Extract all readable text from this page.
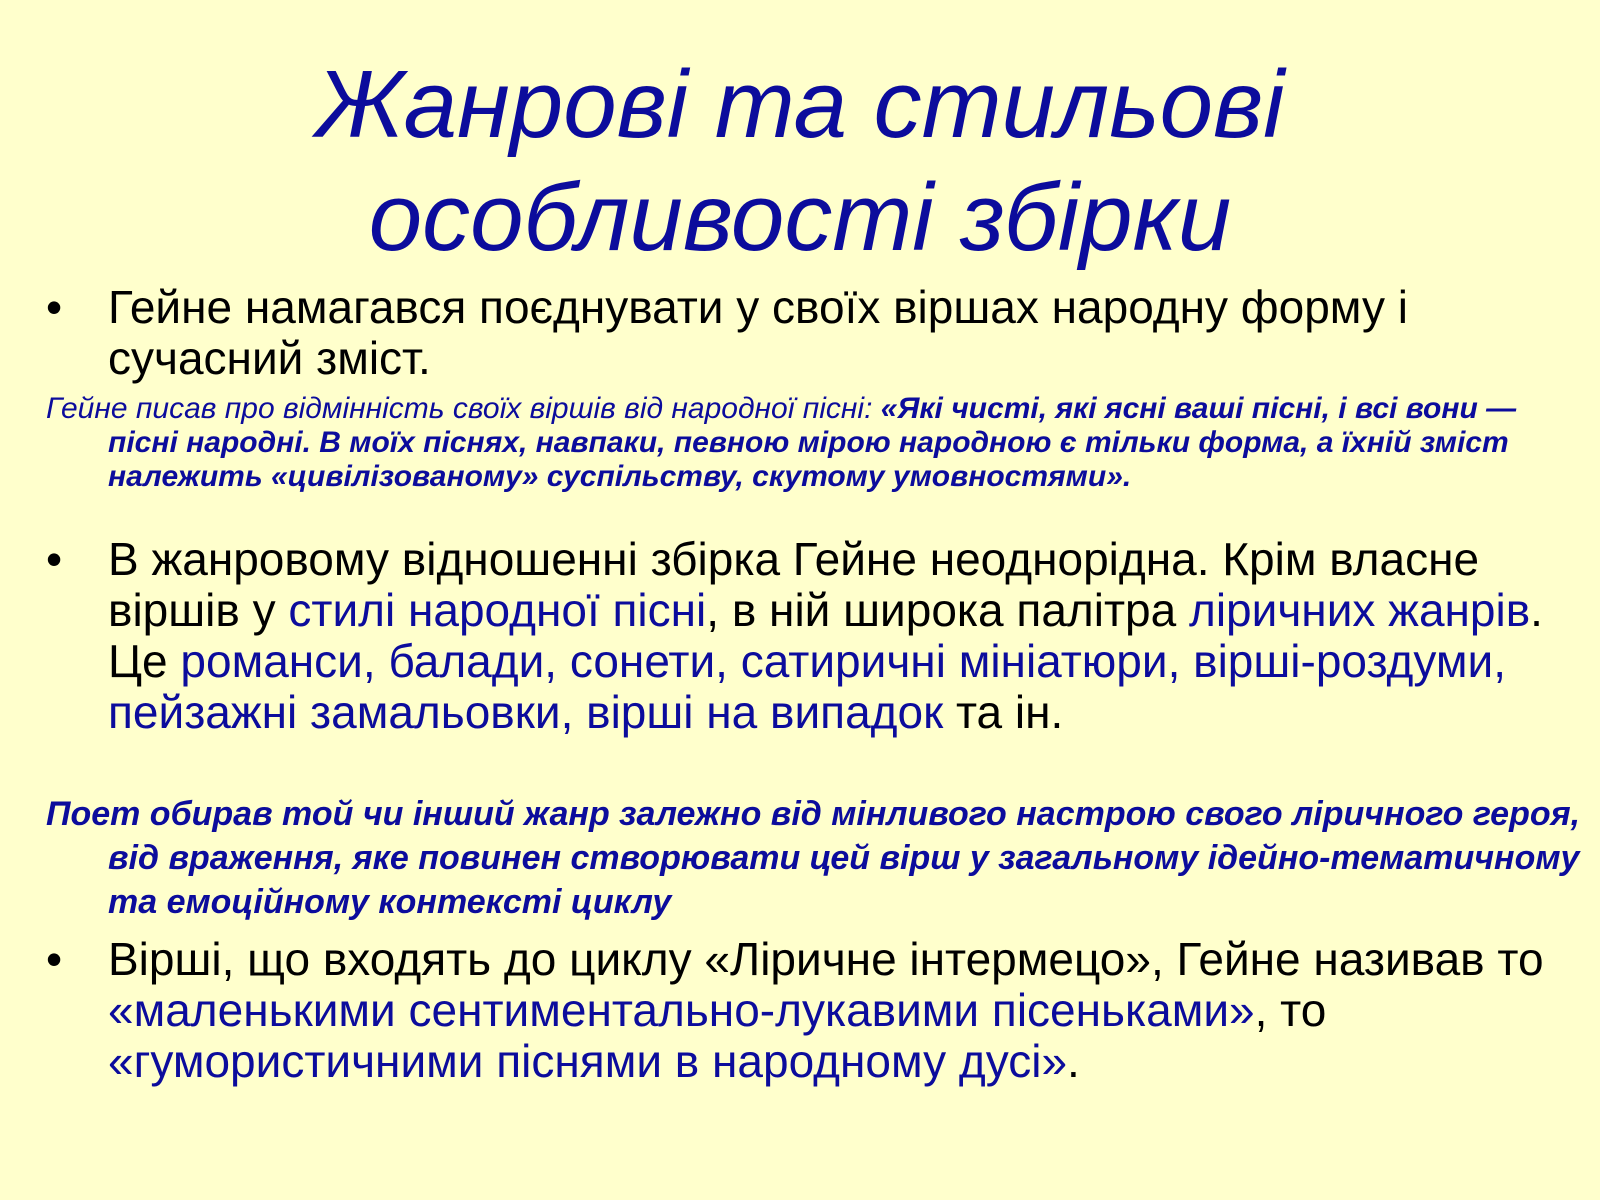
Жанрові та стильові
особливості збірки
• Гейне намагався поєднувати у своїх віршах народну форму і сучасний зміст.
Гейне писав про відмінність своїх віршів від народної пісні: «Які чисті, які ясні ваші пісні, і всі вони — пісні народні. В моїх піснях, навпаки, певною мірою народною є тільки форма, а їхній зміст належить «цивілізованому» суспільству, скутому умовностями».
• В жанровому відношенні збірка Гейне неоднорідна. Крім власне віршів у стилі народної пісні, в ній широка палітра ліричних жанрів. Це романси, балади, сонети, сатиричні мініатюри, вірші-роздуми, пейзажні замальовки, вірші на випадок та ін.
Поет обирав той чи інший жанр залежно від мінливого настрою свого ліричного героя, від враження, яке повинен створювати цей вірш у загальному ідейно-тематичному та емоційному контексті циклу
• Вірші, що входять до циклу «Ліричне інтермецо», Гейне називав то «маленькими сентиментально-лукавими пісеньками», то «гумористичними піснями в народному дусі».
